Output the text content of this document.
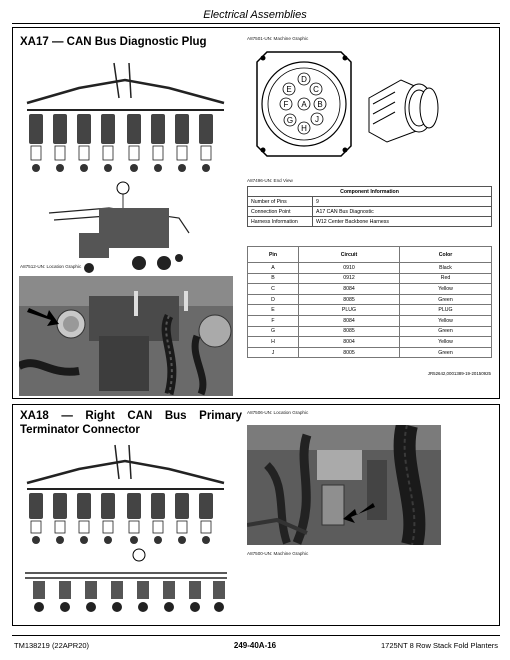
Electrical Assemblies
XA17 — CAN Bus Diagnostic Plug	A87501-UN: Machine Graphic
A B
C
D
E
F
G
H
J
A87496-UN: End View
Component Information	
Number of Pins	9
Connection Point	A17 CAN Bus Diagnostic
Harness Information	W12 Center Backbone Harness
Pin	Circuit	Color
A	0910	Black
B	0912	Red
C	8084	Yellow
D	8085	Green
E	PLUG	PLUG
F	8084	Yellow
G	8085	Green
H	8004	Yellow
J	8005	Green
JR52642,0001389-19-20150925
A87512-UN: Location Graphic
XA18 — Right CAN Bus Primary
Terminator Connector
A87506-UN: Location Graphic
A87500-UN: Machine Graphic
TM138219 (22APR20)	249-40A-16	1725NT 8 Row Stack Fold Planters
